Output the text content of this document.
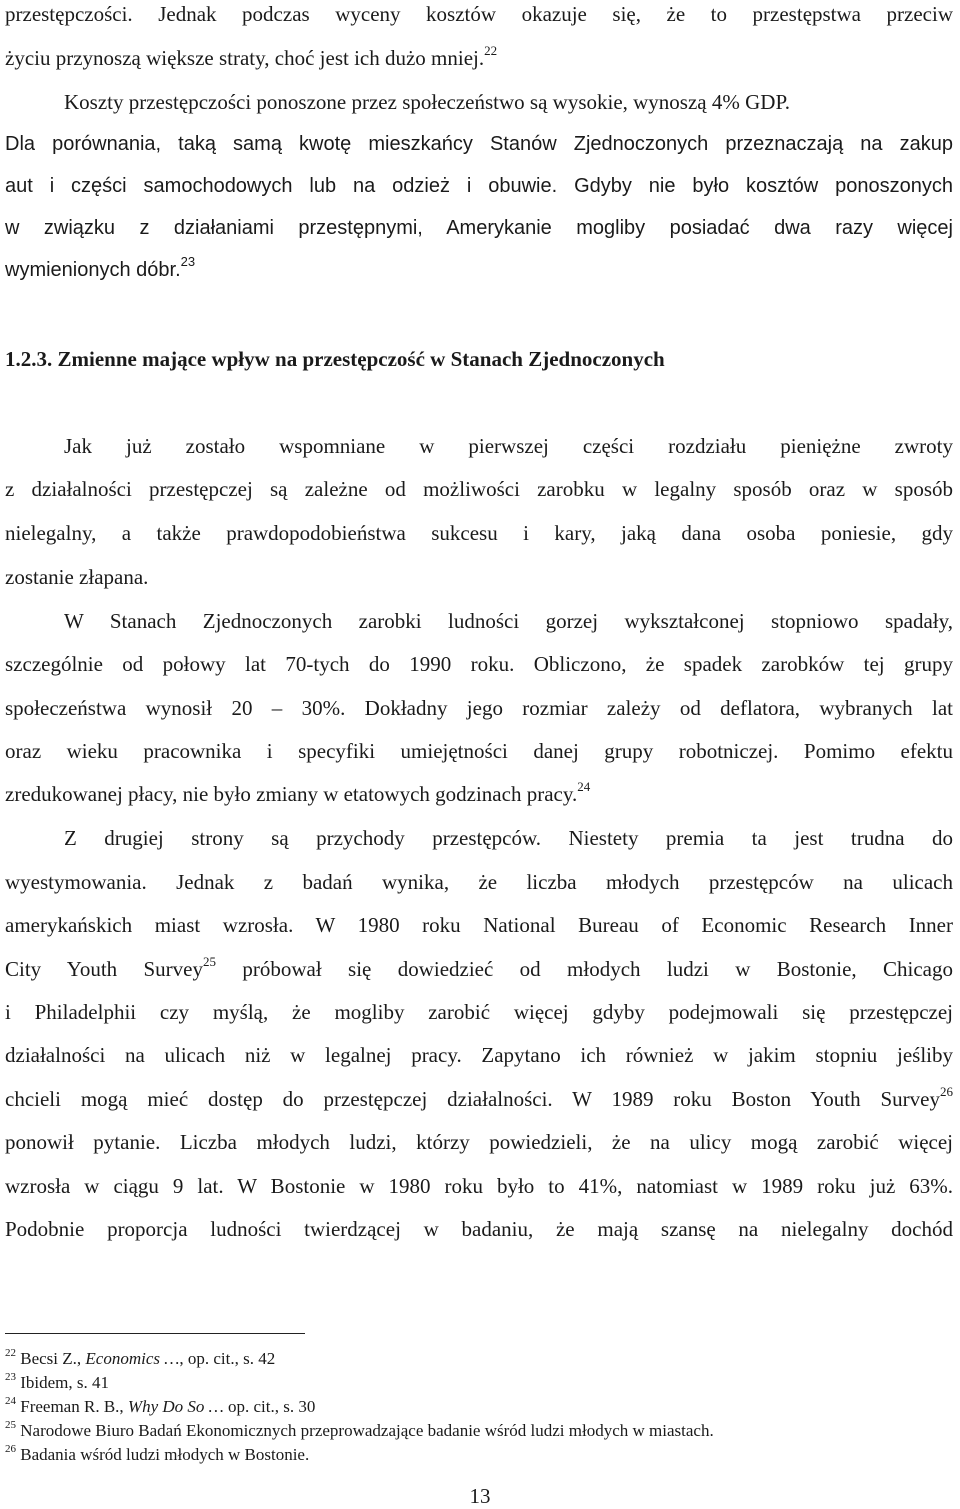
przestępczości. Jednak podczas wyceny kosztów okazuje się, że to przestępstwa przeciw
życiu przynoszą większe straty, choć jest ich dużo mniej.$^{22}$
Koszty przestępczości ponoszone przez społeczeństwo są wysokie, wynoszą 4% GDP.
Dla porównania, taką samą kwotę mieszkańcy Stanów Zjednoczonych przeznaczają na zakup
aut i części samochodowych lub na odzież i obuwie. Gdyby nie było kosztów ponoszonych
w związku z działaniami przestępnymi, Amerykanie mogliby posiadać dwa razy więcej
wymienionych dóbr.$^{23}$
1.2.3. Zmienne mające wpływ na przestępczość w Stanach Zjednoczonych
Jak już zostało wspomniane w pierwszej części rozdziału pieniężne zwroty
z działalności przestępczej są zależne od możliwości zarobku w legalny sposób oraz w sposób
nielegalny, a także prawdopodobieństwa sukcesu i kary, jaką dana osoba poniesie, gdy
zostanie złapana.
W Stanach Zjednoczonych zarobki ludności gorzej wykształconej stopniowo spadały,
szczególnie od połowy lat 70-tych do 1990 roku. Obliczono, że spadek zarobków tej grupy
społeczeństwa wynosił 20 – 30%. Dokładny jego rozmiar zależy od deflatora, wybranych lat
oraz wieku pracownika i specyfiki umiejętności danej grupy robotniczej. Pomimo efektu
zredukowanej płacy, nie było zmiany w etatowych godzinach pracy.$^{24}$
Z drugiej strony są przychody przestępców. Niestety premia ta jest trudna do
wyestymowania. Jednak z badań wynika, że liczba młodych przestępców na ulicach
amerykańskich miast wzrosła. W 1980 roku National Bureau of Economic Research Inner
City Youth Survey$^{25}$ próbował się dowiedzieć od młodych ludzi w Bostonie, Chicago
i Philadelphii czy myślą, że mogliby zarobić więcej gdyby podejmowali się przestępczej
działalności na ulicach niż w legalnej pracy. Zapytano ich również w jakim stopniu jeśliby
chcieli mogą mieć dostęp do przestępczej działalności. W 1989 roku Boston Youth Survey$^{26}$
ponowił pytanie. Liczba młodych ludzi, którzy powiedzieli, że na ulicy mogą zarobić więcej
wzrosła w ciągu 9 lat. W Bostonie w 1980 roku było to 41%, natomiast w 1989 roku już 63%.
Podobnie proporcja ludności twierdzącej w badaniu, że mają szansę na nielegalny dochód
$^{22}$ Becsi Z., Economics …, op. cit., s. 42
$^{23}$ Ibidem, s. 41
$^{24}$ Freeman R. B., Why Do So … op. cit., s. 30
$^{25}$ Narodowe Biuro Badań Ekonomicznych przeprowadzające badanie wśród ludzi młodych w miastach.
$^{26}$ Badania wśród ludzi młodych w Bostonie.
13
